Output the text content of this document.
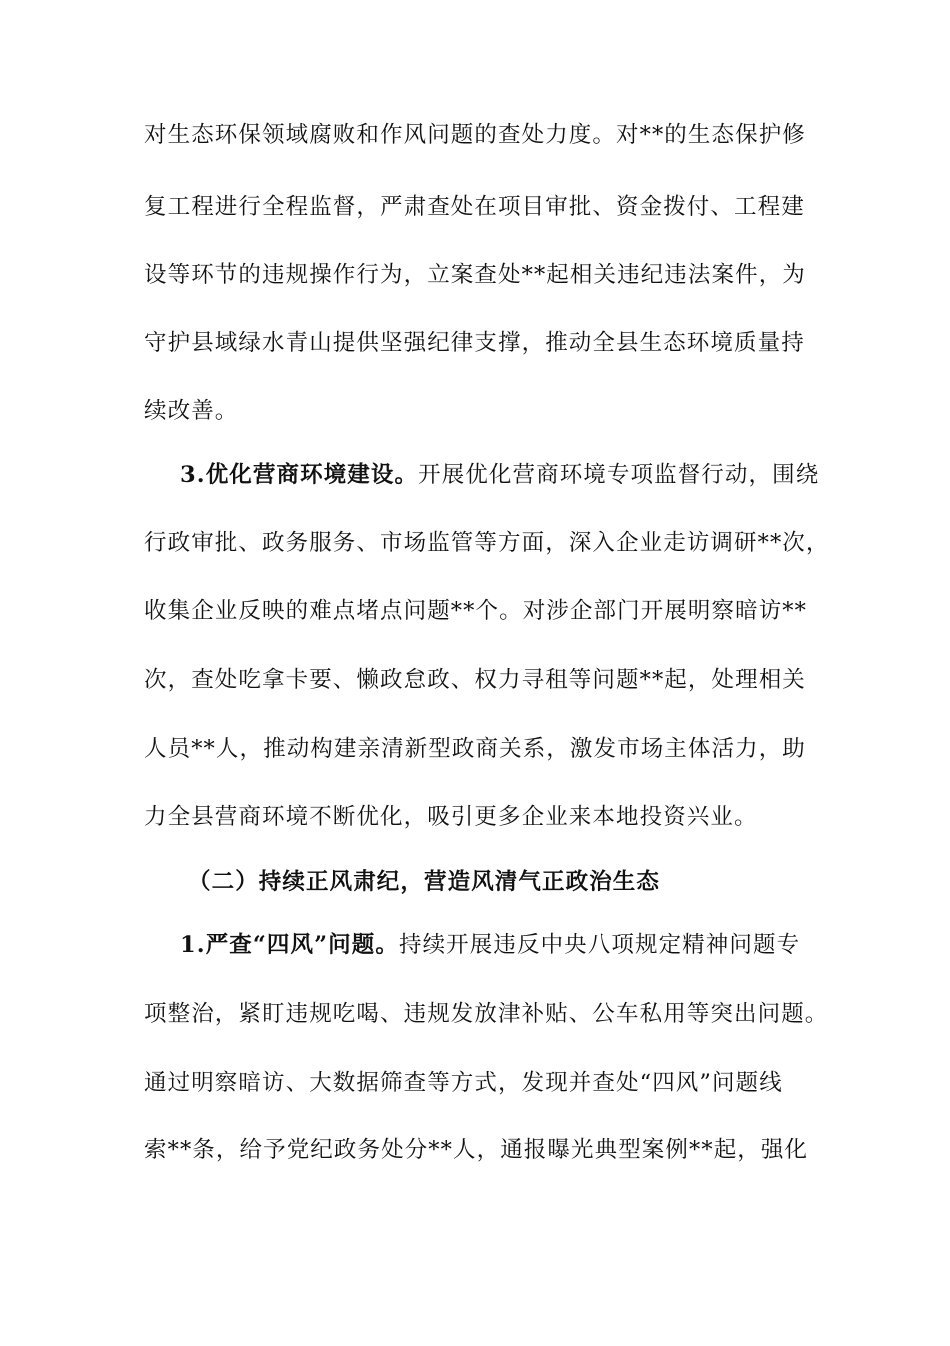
对生态环保领域腐败和作风问题的查处力度。对**的生态保护修
复工程进行全程监督，严肃查处在项目审批、资金拨付、工程建
设等环节的违规操作行为，立案查处**起相关违纪违法案件，为
守护县域绿水青山提供坚强纪律支撑，推动全县生态环境质量持
续改善。
3.优化营商环境建设。开展优化营商环境专项监督行动，围绕
行政审批、政务服务、市场监管等方面，深入企业走访调研**次，
收集企业反映的难点堵点问题**个。对涉企部门开展明察暗访**
次，查处吃拿卡要、懒政怠政、权力寻租等问题**起，处理相关
人员**人，推动构建亲清新型政商关系，激发市场主体活力，助
力全县营商环境不断优化，吸引更多企业来本地投资兴业。
（二）持续正风肃纪，营造风清气正政治生态
1.严查“四风”问题。持续开展违反中央八项规定精神问题专
项整治，紧盯违规吃喝、违规发放津补贴、公车私用等突出问题。
通过明察暗访、大数据筛查等方式，发现并查处“四风”问题线
索**条，给予党纪政务处分**人，通报曝光典型案例**起，强化
